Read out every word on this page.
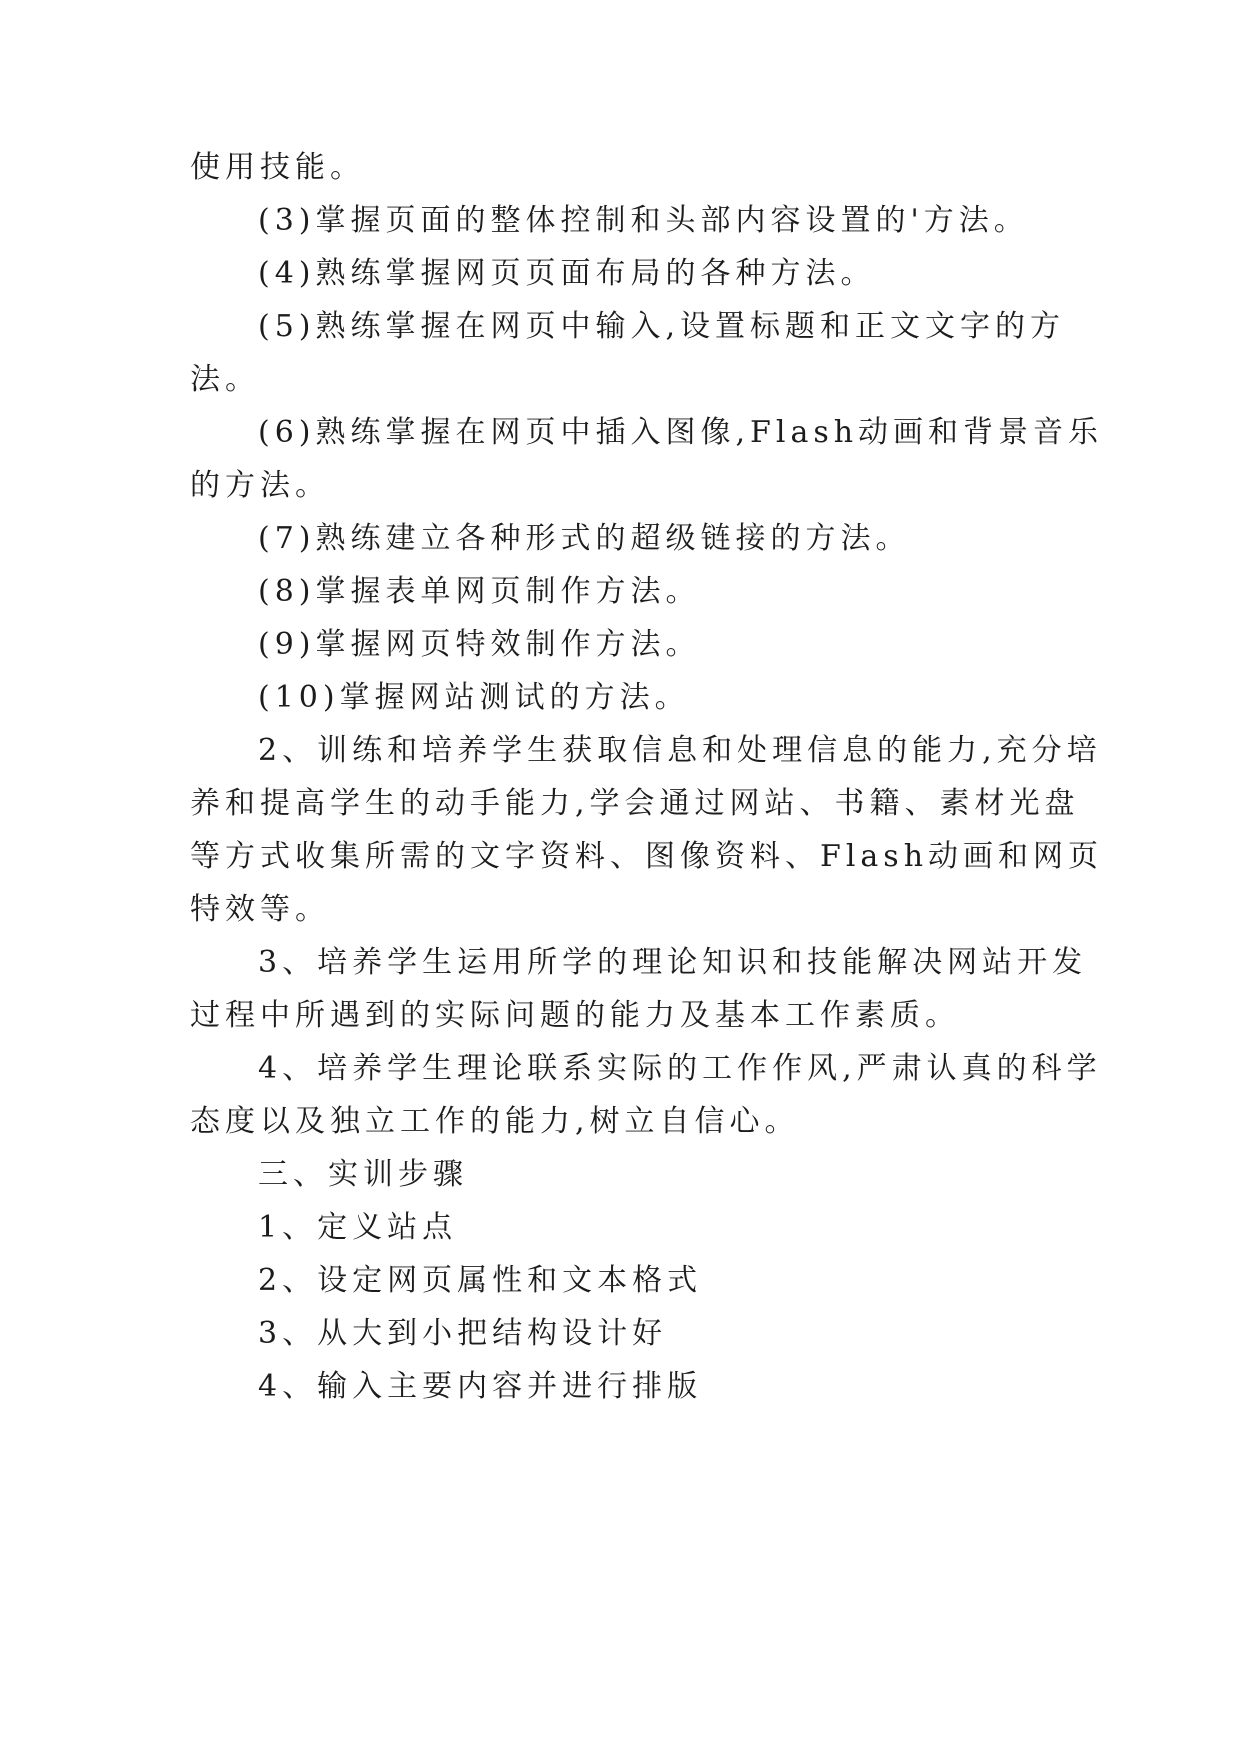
使用技能。
(3)掌握页面的整体控制和头部内容设置的'方法。
(4)熟练掌握网页页面布局的各种方法。
(5)熟练掌握在网页中输入,设置标题和正文文字的方
法。
(6)熟练掌握在网页中插入图像,Flash动画和背景音乐
的方法。
(7)熟练建立各种形式的超级链接的方法。
(8)掌握表单网页制作方法。
(9)掌握网页特效制作方法。
(10)掌握网站测试的方法。
2、训练和培养学生获取信息和处理信息的能力,充分培
养和提高学生的动手能力,学会通过网站、书籍、素材光盘
等方式收集所需的文字资料、图像资料、Flash动画和网页
特效等。
3、培养学生运用所学的理论知识和技能解决网站开发
过程中所遇到的实际问题的能力及基本工作素质。
4、培养学生理论联系实际的工作作风,严肃认真的科学
态度以及独立工作的能力,树立自信心。
三、实训步骤
1、定义站点
2、设定网页属性和文本格式
3、从大到小把结构设计好
4、输入主要内容并进行排版
